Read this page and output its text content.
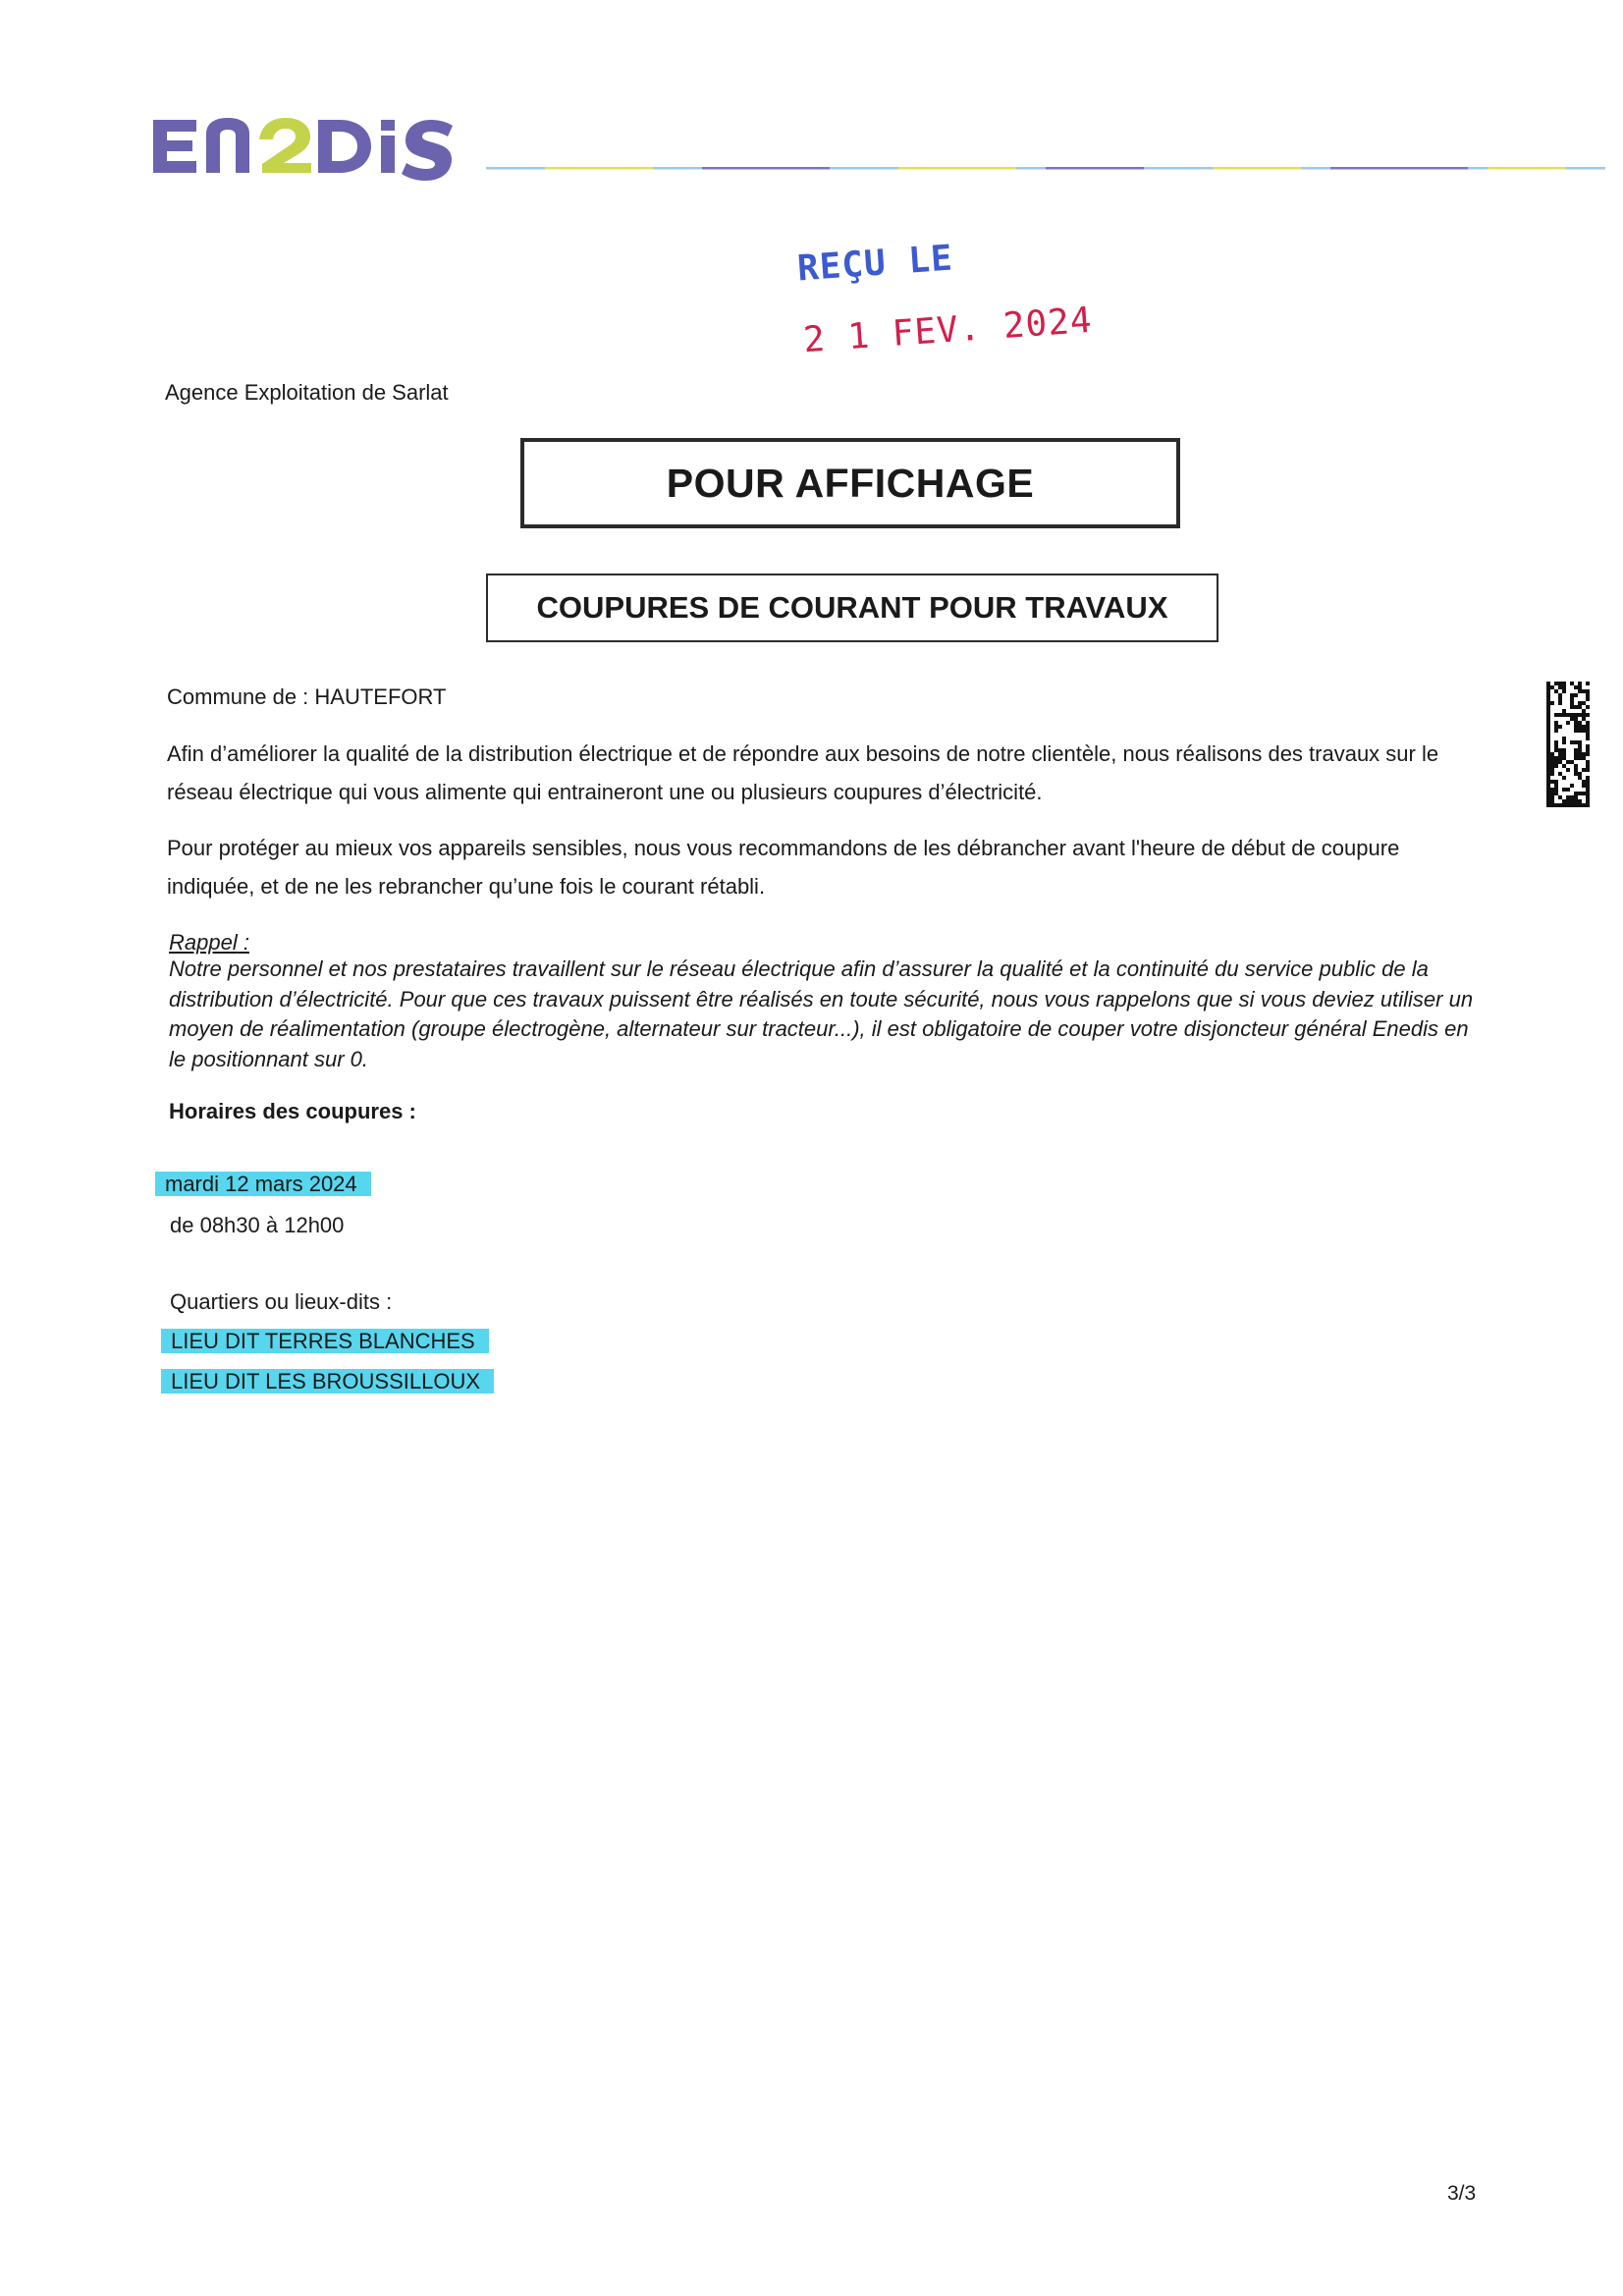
REÇU LE
2 1 FEV. 2024
Agence Exploitation de Sarlat
POUR AFFICHAGE
COUPURES DE COURANT POUR TRAVAUX
Commune de : HAUTEFORT
Afin d’améliorer la qualité de la distribution électrique et de répondre aux besoins de notre clientèle, nous réalisons des travaux sur le réseau électrique qui vous alimente qui entraineront une ou plusieurs coupures d’électricité.
Pour protéger au mieux vos appareils sensibles, nous vous recommandons de les débrancher avant l'heure de début de coupure indiquée, et de ne les rebrancher qu’une fois le courant rétabli.
Rappel :
Notre personnel et nos prestataires travaillent sur le réseau électrique afin d’assurer la qualité et la continuité du service public de la distribution d’électricité. Pour que ces travaux puissent être réalisés en toute sécurité, nous vous rappelons que si vous deviez utiliser un moyen de réalimentation (groupe électrogène, alternateur sur tracteur...), il est obligatoire de couper votre disjoncteur général Enedis en le positionnant sur 0.
Horaires des coupures :
mardi 12 mars 2024
de 08h30 à 12h00
Quartiers ou lieux-dits :
LIEU DIT TERRES BLANCHES
LIEU DIT LES BROUSSILLOUX
3/3
